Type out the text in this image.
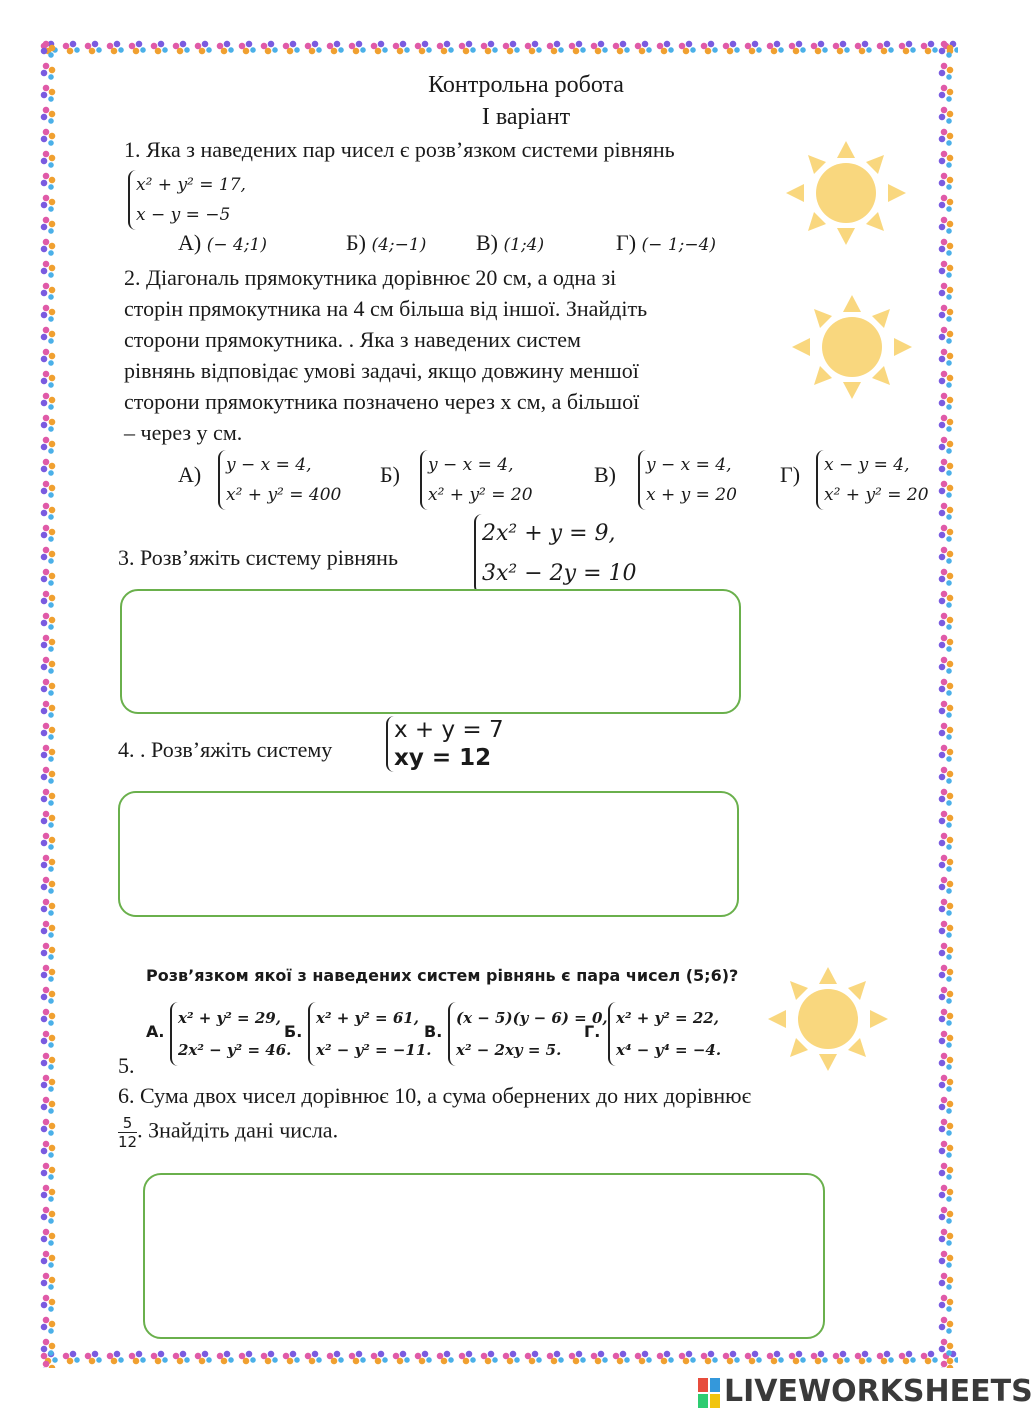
Контрольна робота
І варіант
1. Яка з наведених пар чисел є розв’язком системи рівнянь
x² + y² = 17,
x − y = −5
А) (− 4;1)	Б) (4;−1) В) (1;4)	Г) (− 1;−4)
2. Діагональ прямокутника дорівнює 20 см, а одна зі
сторін прямокутника на 4 см більша від іншої. Знайдіть
сторони прямокутника. . Яка з наведених систем
рівнянь відповідає умові задачі, якщо довжину меншої
сторони прямокутника позначено через х см, а більшої
– через у см.
А) y − x = 4,
x² + y² = 400
Б) y − x = 4,
x² + y² = 20
В) y − x = 4,
x + y = 20
Г) x − y = 4,
x² + y² = 20
3. Розв’яжіть систему рівнянь
2x² + y = 9,
3x² − 2y = 10
4. . Розв’яжіть систему
x + y = 7
xy = 12
Розв’язком якої з наведених систем рівнянь є пара чисел (5;6)?
А.
x² + y² = 29,
2x² − y² = 46.
Б.
x² + y² = 61,
x² − y² = −11.
В.
(x − 5)(y − 6) = 0,
x² − 2xy = 5.
Г.
x² + y² = 22,
x⁴ − y⁴ = −4.
5.
6. Сума двох чисел дорівнює 10, а сума обернених до них дорівнює
$\frac{5}{12}$ . Знайдіть дані числа.
LIVEWORKSHEETS
